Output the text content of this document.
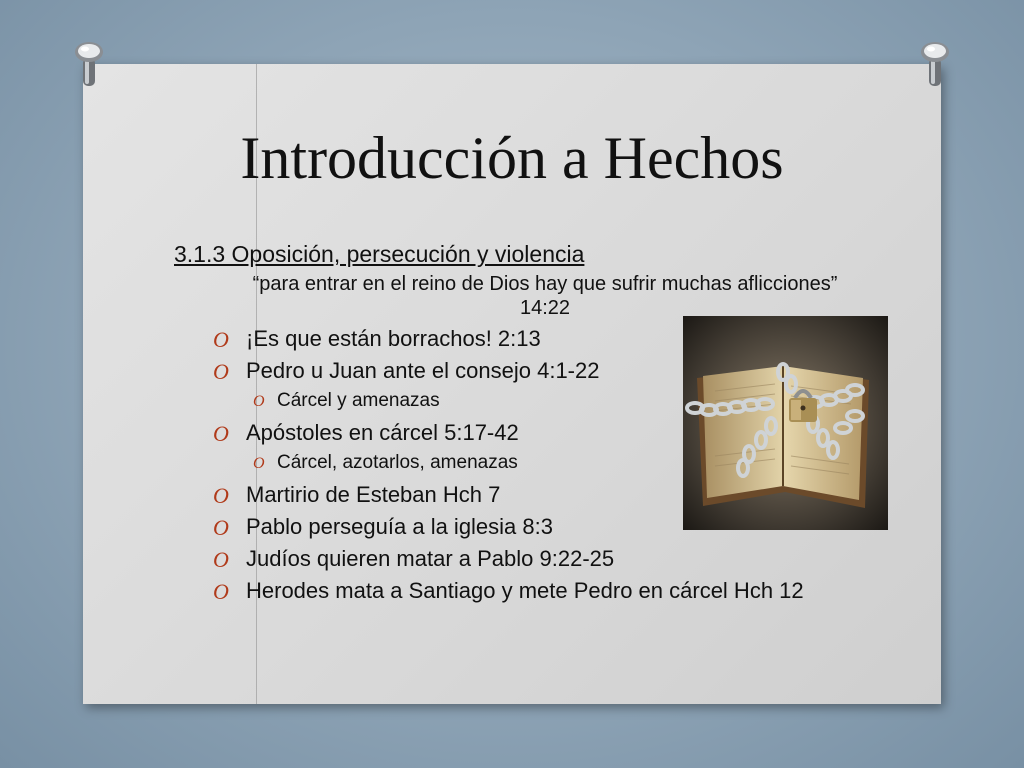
Introducción a Hechos
3.1.3 Oposición, persecución y violencia
“para entrar en el reino de Dios hay que sufrir muchas aflicciones” 14:22
O ¡Es que están borrachos! 2:13
O Pedro u Juan ante el consejo 4:1-22
O Cárcel y amenazas
O Apóstoles en cárcel 5:17-42
O Cárcel, azotarlos, amenazas
O Martirio de Esteban Hch 7
O Pablo perseguía a la iglesia 8:3
O Judíos quieren matar a Pablo 9:22-25
O Herodes mata a Santiago y mete Pedro en cárcel Hch 12
